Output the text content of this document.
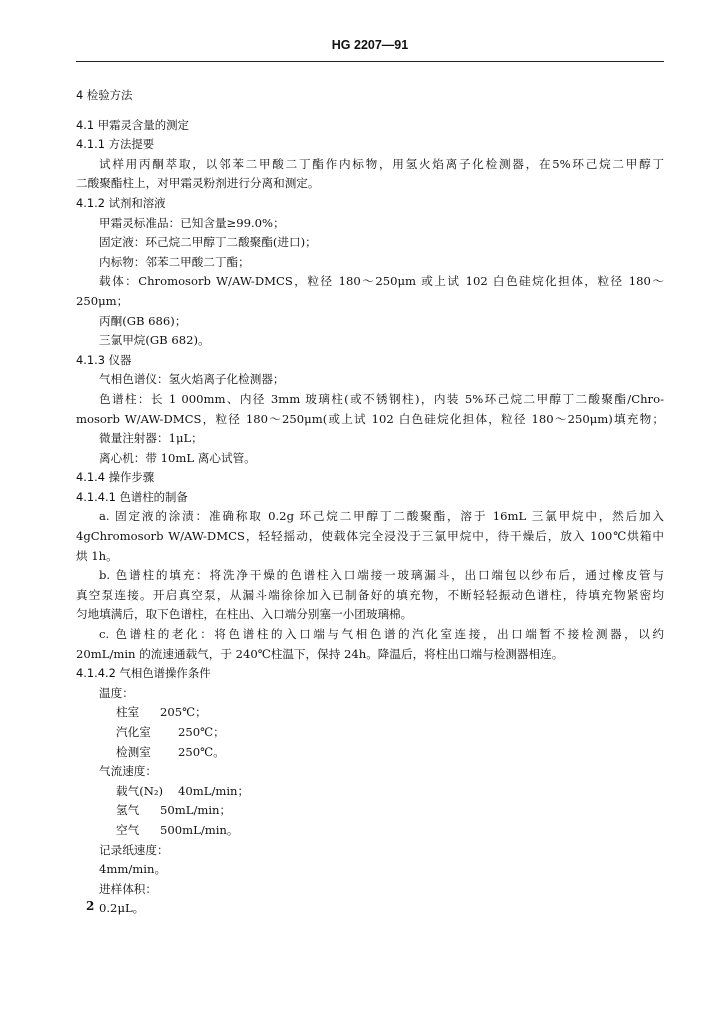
HG 2207—91
4 检验方法
4.1 甲霜灵含量的测定
4.1.1 方法提要
试样用丙酮萃取，以邻苯二甲酸二丁酯作内标物，用氢火焰离子化检测器，在5%环己烷二甲醇丁
二酸聚酯柱上，对甲霜灵粉剂进行分离和测定。
4.1.2 试剂和溶液
甲霜灵标准品：已知含量≥99.0%；
固定液：环己烷二甲醇丁二酸聚酯(进口)；
内标物：邻苯二甲酸二丁酯；
载体：Chromosorb W/AW-DMCS，粒径 180～250μm 或上试 102 白色硅烷化担体，粒径 180～
250μm；
丙酮(GB 686)；
三氯甲烷(GB 682)。
4.1.3 仪器
气相色谱仪：氢火焰离子化检测器；
色谱柱：长 1 000mm、内径 3mm 玻璃柱(或不锈钢柱)，内装 5%环己烷二甲醇丁二酸聚酯/Chro-
mosorb W/AW-DMCS，粒径 180～250μm(或上试 102 白色硅烷化担体，粒径 180～250μm)填充物；
微量注射器：1μL；
离心机：带 10mL 离心试管。
4.1.4 操作步骤
4.1.4.1 色谱柱的制备
a. 固定液的涂渍：准确称取 0.2g 环己烷二甲醇丁二酸聚酯，溶于 16mL 三氯甲烷中，然后加入
4gChromosorb W/AW-DMCS，轻轻摇动，使载体完全浸没于三氯甲烷中，待干燥后，放入 100℃烘箱中
烘 1h。
b. 色谱柱的填充：将洗净干燥的色谱柱入口端接一玻璃漏斗，出口端包以纱布后，通过橡皮管与
真空泵连接。开启真空泵，从漏斗端徐徐加入已制备好的填充物，不断轻轻振动色谱柱，待填充物紧密均
匀地填满后，取下色谱柱，在柱出、入口端分别塞一小团玻璃棉。
c. 色谱柱的老化：将色谱柱的入口端与气相色谱的汽化室连接，出口端暂不接检测器，以约
20mL/min 的流速通载气，于 240℃柱温下，保持 24h。降温后，将柱出口端与检测器相连。
4.1.4.2 气相色谱操作条件
温度：
柱室 205℃；
汽化室 250℃；
检测室 250℃。
气流速度：
载气(N₂) 40mL/min；
氢气 50mL/min；
空气 500mL/min。
记录纸速度：
4mm/min。
进样体积：
0.2μL。
2
